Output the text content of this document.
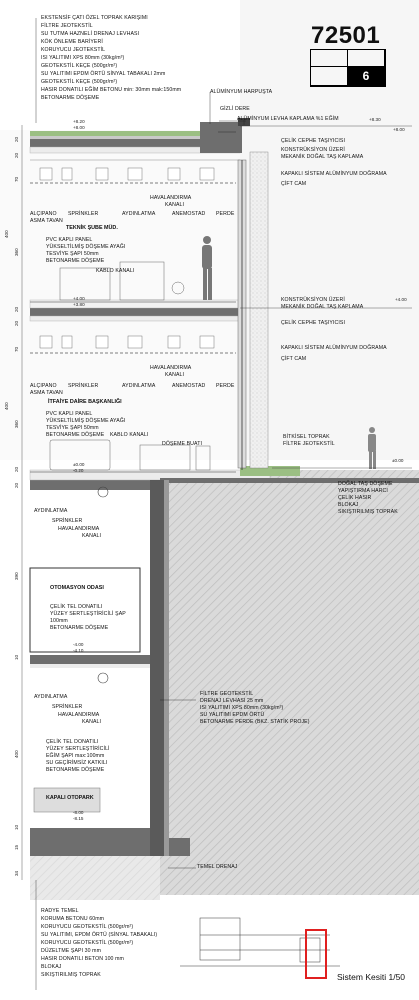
72501
6
EKSTENSİF ÇATI ÖZEL TOPRAK KARIŞIMI
FİLTRE JEOTEKSTİL
SU TUTMA HAZNELİ DRENAJ LEVHASI
KÖK ÖNLEME BARİYERİ
KORUYUCU JEOTEKSTİL
ISI YALITIMI XPS 80mm (30kg/m³)
GEOTEKSTİL KEÇE (500gr/m²)
SU YALITIMI EPDM ÖRTÜ SİNYAL TABAKALI 2mm
GEOTEKSTİL KEÇE (500gr/m²)
HASIR DONATILI EĞİM BETONU min: 30mm mak:150mm
BETONARME DÖŞEME
ALÜMİNYUM HARPUŞTA
GİZLİ DERE
ALÜMİNYUM LEVHA KAPLAMA %1 EĞİM	+8.30
+8.00
ÇELİK CEPHE TAŞIYICISI
KONSTRÜKSİYON ÜZERİ
MEKANİK DOĞAL TAŞ KAPLAMA
KAPAKLI SİSTEM ALÜMİNYUM DOĞRAMA
ÇİFT CAM
KONSTRÜKSİYON ÜZERİ	+4.00
MEKANİK DOĞAL TAŞ KAPLAMA
ÇELİK CEPHE TAŞIYICISI
KAPAKLI SİSTEM ALÜMİNYUM DOĞRAMA
ÇİFT CAM
BİTKİSEL TOPRAK
FİLTRE JEOTEKSTİL
±0.00
DOĞAL TAŞ DÖŞEME
YAPIŞTIRMA HARCI
ÇELİK HASIR
BLOKAJ
SIKIŞTIRILMIŞ TOPRAK
+8.20
+8.00
ALÇIPANO
ASMA TAVAN
SPRİNKLER	AYDINLATMA
HAVALANDIRMA
KANALI
ANEMOSTAD PERDE
TEKNİK ŞUBE MÜD.
PVC KAPLI PANEL
YÜKSELTİLMİŞ DÖŞEME AYAĞI
TESVİYE ŞAPI 50mm
BETONARME DÖŞEME
KABLO KANALI
+4.00
+3.80
ALÇIPANO
ASMA TAVAN
SPRİNKLER	AYDINLATMA
HAVALANDIRMA
KANALI
ANEMOSTAD PERDE
İTFAİYE DAİRE BAŞKANLIĞI
PVC KAPLI PANEL
YÜKSELTİLMİŞ DÖŞEME AYAĞI
TESVİYE ŞAPI 50mm
BETONARME DÖŞEME KABLO KANALI
DÖŞEME BUATI
±0.00
-0.20
AYDINLATMA
SPRİNKLER
HAVALANDIRMA
KANALI
OTOMASYON ODASI
ÇELİK TEL DONATILI
YÜZEY SERTLEŞTİRİCİLİ ŞAP
100mm
BETONARME DÖŞEME
-4.00
-4.10
AYDINLATMA
SPRİNKLER
HAVALANDIRMA
KANALI
ÇELİK TEL DONATILI
YÜZEY SERTLEŞTİRİCİLİ
EĞİM ŞAPI max:100mm
SU GEÇİRİMSİZ KATKILI
BETONARME DÖŞEME
KAPALI OTOPARK
-8.00
-8.15
FİLTRE GEOTEKSTİL
DRENAJ LEVHASI 25 mm
ISI YALITIMI XPS 80mm (30kg/m³)
SU YALITIMI EPDM ÖRTÜ
BETONARME PERDE (BKZ. STATİK PROJE)
TEMEL DRENAJ
RADYE TEMEL
KORUMA BETONU 60mm
KORUYUCU GEOTEKSTİL (500gr/m²)
SU YALITIMI, EPDM ÖRTÜ (SİNYAL TABAKALI)
KORUYUCU GEOTEKSTİL (500gr/m²)
DÜZELTME ŞAPI 30 mm
HASIR DONATILI BETON 100 mm
BLOKAJ
SIKIŞTIRILMIŞ TOPRAK
20
20
70
400
360
20
20
70
400
360
20
20
390
10
400
10
15
34
Sistem Kesiti 1/50
